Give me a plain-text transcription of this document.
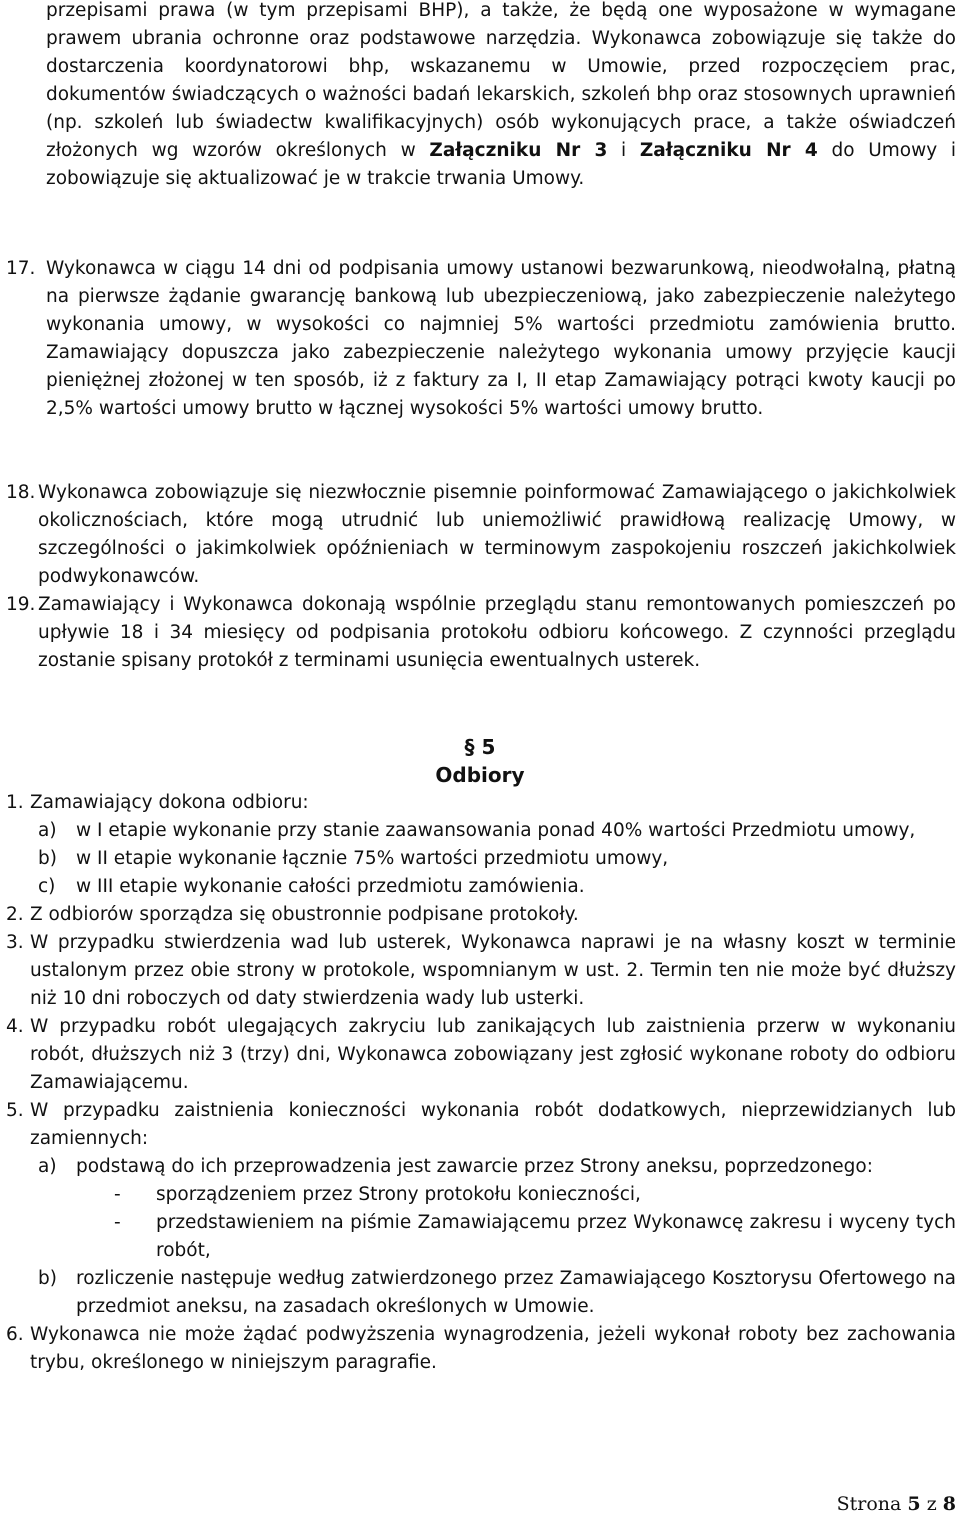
przepisami prawa (w tym przepisami BHP), a także, że będą one wyposażone w wymagane prawem ubrania ochronne oraz podstawowe narzędzia. Wykonawca zobowiązuje się także do dostarczenia koordynatorowi bhp, wskazanemu w Umowie, przed rozpoczęciem prac, dokumentów świadczących o ważności badań lekarskich, szkoleń bhp oraz stosownych uprawnień (np. szkoleń lub świadectw kwalifikacyjnych) osób wykonujących prace, a także oświadczeń złożonych wg wzorów określonych w Załączniku Nr 3 i Załączniku Nr 4 do Umowy i zobowiązuje się aktualizować je w trakcie trwania Umowy.

17. Wykonawca w ciągu 14 dni od podpisania umowy ustanowi bezwarunkową, nieodwołalną, płatną na pierwsze żądanie gwarancję bankową lub ubezpieczeniową, jako zabezpieczenie należytego wykonania umowy, w wysokości co najmniej 5% wartości przedmiotu zamówienia brutto. Zamawiający dopuszcza jako zabezpieczenie należytego wykonania umowy przyjęcie kaucji pieniężnej złożonej w ten sposób, iż z faktury za I, II etap Zamawiający potrąci kwoty kaucji po 2,5% wartości umowy brutto w łącznej wysokości 5% wartości umowy brutto.

18. Wykonawca zobowiązuje się niezwłocznie pisemnie poinformować Zamawiającego o jakichkolwiek okolicznościach, które mogą utrudnić lub uniemożliwić prawidłową realizację Umowy, w szczególności o jakimkolwiek opóźnieniach w terminowym zaspokojeniu roszczeń jakichkolwiek podwykonawców.

19. Zamawiający i Wykonawca dokonają wspólnie przeglądu stanu remontowanych pomieszczeń po upływie 18 i 34 miesięcy od podpisania protokołu odbioru końcowego. Z czynności przeglądu zostanie spisany protokół z terminami usunięcia ewentualnych usterek.

§ 5
Odbiory
1. Zamawiający dokona odbioru:
a) w I etapie wykonanie przy stanie zaawansowania ponad 40% wartości Przedmiotu umowy,
b) w II etapie wykonanie łącznie 75% wartości przedmiotu umowy,
c) w III etapie wykonanie całości przedmiotu zamówienia.
2. Z odbiorów sporządza się obustronnie podpisane protokoły.
3. W przypadku stwierdzenia wad lub usterek, Wykonawca naprawi je na własny koszt w terminie ustalonym przez obie strony w protokole, wspomnianym w ust. 2. Termin ten nie może być dłuższy niż 10 dni roboczych od daty stwierdzenia wady lub usterki.
4. W przypadku robót ulegających zakryciu lub zanikających lub zaistnienia przerw w wykonaniu robót, dłuższych niż 3 (trzy) dni, Wykonawca zobowiązany jest zgłosić wykonane roboty do odbioru Zamawiającemu.
5. W przypadku zaistnienia konieczności wykonania robót dodatkowych, nieprzewidzianych lub zamiennych:
a) podstawą do ich przeprowadzenia jest zawarcie przez Strony aneksu, poprzedzonego:
- sporządzeniem przez Strony protokołu konieczności,
- przedstawieniem na piśmie Zamawiającemu przez Wykonawcę zakresu i wyceny tych robót,
b) rozliczenie następuje według zatwierdzonego przez Zamawiającego Kosztorysu Ofertowego na przedmiot aneksu, na zasadach określonych w Umowie.
6. Wykonawca nie może żądać podwyższenia wynagrodzenia, jeżeli wykonał roboty bez zachowania trybu, określonego w niniejszym paragrafie.
Strona 5 z 8
